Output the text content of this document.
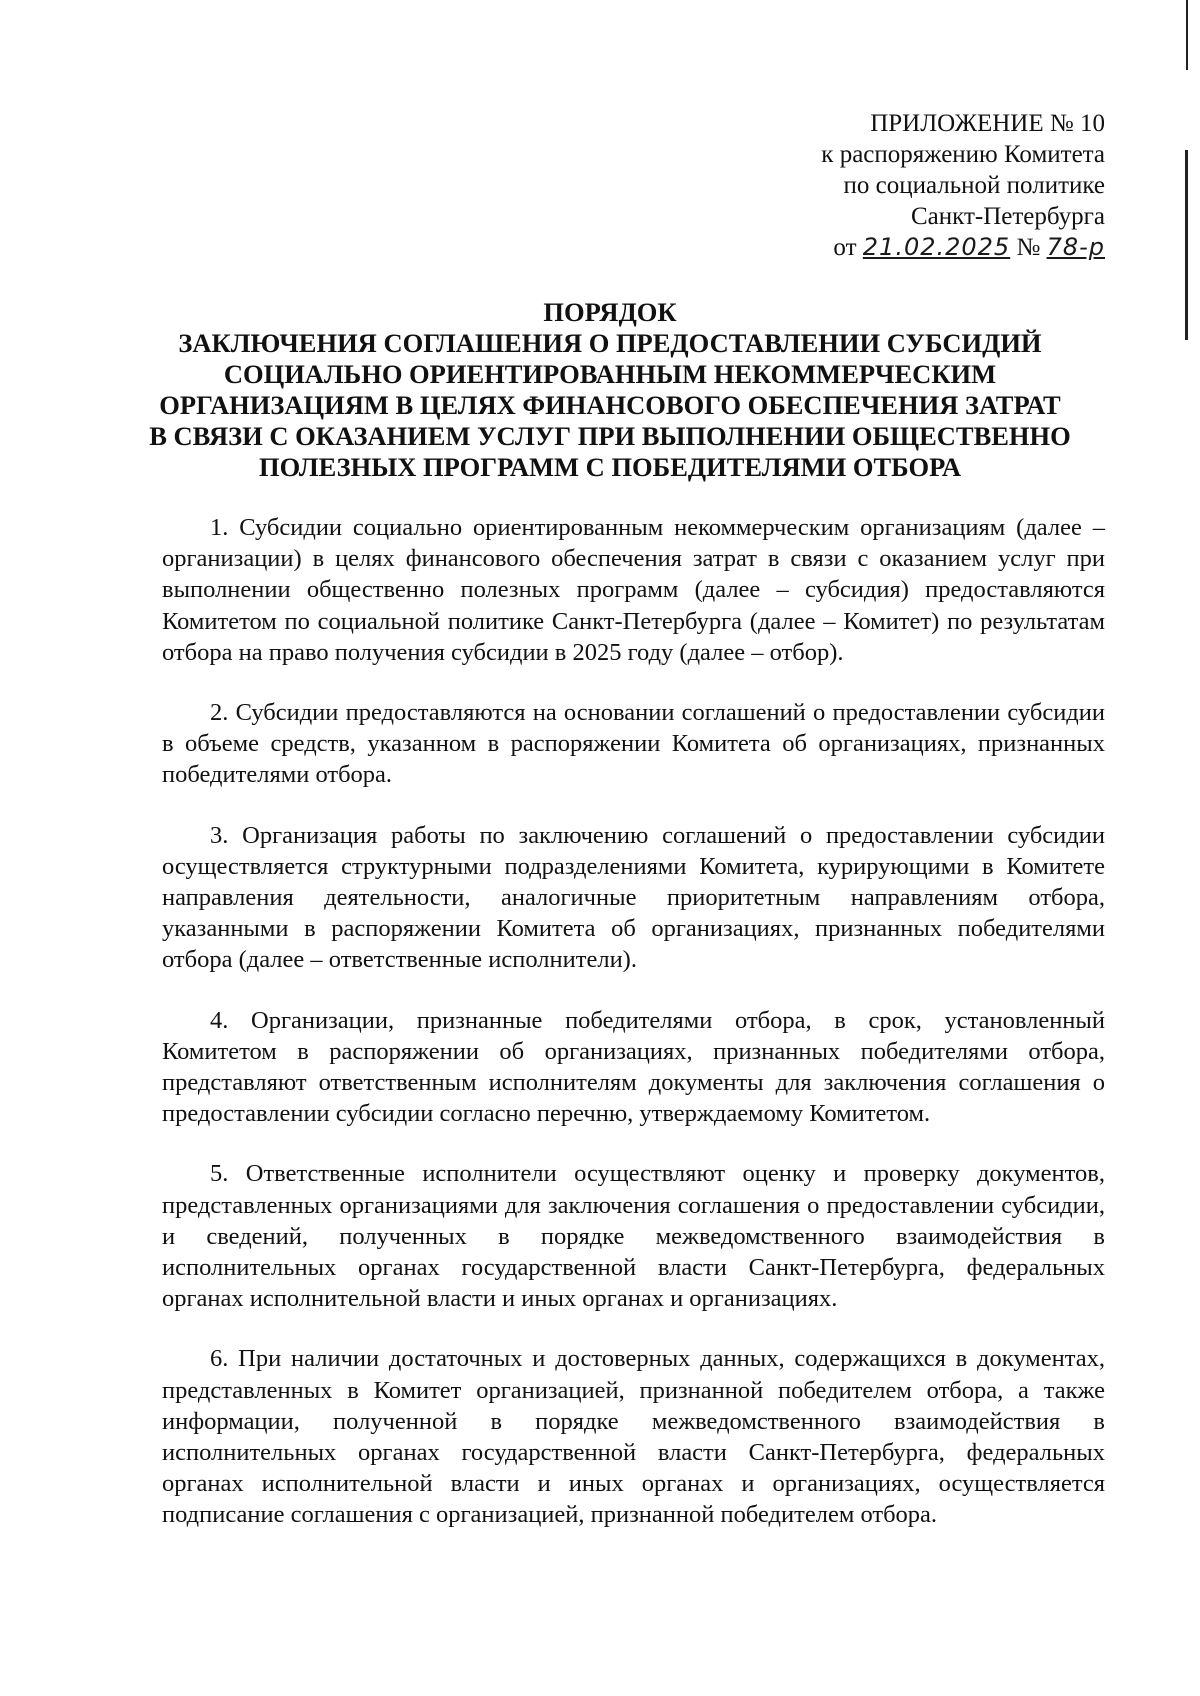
ПРИЛОЖЕНИЕ № 10
к распоряжению Комитета
по социальной политике
Санкт-Петербурга
от 21.02.2025 № 78-р
ПОРЯДОК
ЗАКЛЮЧЕНИЯ СОГЛАШЕНИЯ О ПРЕДОСТАВЛЕНИИ СУБСИДИЙ
СОЦИАЛЬНО ОРИЕНТИРОВАННЫМ НЕКОММЕРЧЕСКИМ
ОРГАНИЗАЦИЯМ В ЦЕЛЯХ ФИНАНСОВОГО ОБЕСПЕЧЕНИЯ ЗАТРАТ
В СВЯЗИ С ОКАЗАНИЕМ УСЛУГ ПРИ ВЫПОЛНЕНИИ ОБЩЕСТВЕННО
ПОЛЕЗНЫХ ПРОГРАММ С ПОБЕДИТЕЛЯМИ ОТБОРА

1. Субсидии социально ориентированным некоммерческим организациям (далее – организации) в целях финансового обеспечения затрат в связи с оказанием услуг при выполнении общественно полезных программ (далее – субсидия) предоставляются Комитетом по социальной политике Санкт-Петербурга (далее – Комитет) по результатам отбора на право получения субсидии в 2025 году (далее – отбор).

2. Субсидии предоставляются на основании соглашений о предоставлении субсидии в объеме средств, указанном в распоряжении Комитета об организациях, признанных победителями отбора.

3. Организация работы по заключению соглашений о предоставлении субсидии осуществляется структурными подразделениями Комитета, курирующими в Комитете направления деятельности, аналогичные приоритетным направлениям отбора, указанными в распоряжении Комитета об организациях, признанных победителями отбора (далее – ответственные исполнители).

4. Организации, признанные победителями отбора, в срок, установленный Комитетом в распоряжении об организациях, признанных победителями отбора, представляют ответственным исполнителям документы для заключения соглашения о предоставлении субсидии согласно перечню, утверждаемому Комитетом.

5. Ответственные исполнители осуществляют оценку и проверку документов, представленных организациями для заключения соглашения о предоставлении субсидии, и сведений, полученных в порядке межведомственного взаимодействия в исполнительных органах государственной власти Санкт-Петербурга, федеральных органах исполнительной власти и иных органах и организациях.

6. При наличии достаточных и достоверных данных, содержащихся в документах, представленных в Комитет организацией, признанной победителем отбора, а также информации, полученной в порядке межведомственного взаимодействия в исполнительных органах государственной власти Санкт-Петербурга, федеральных органах исполнительной власти и иных органах и организациях, осуществляется подписание соглашения с организацией, признанной победителем отбора.
